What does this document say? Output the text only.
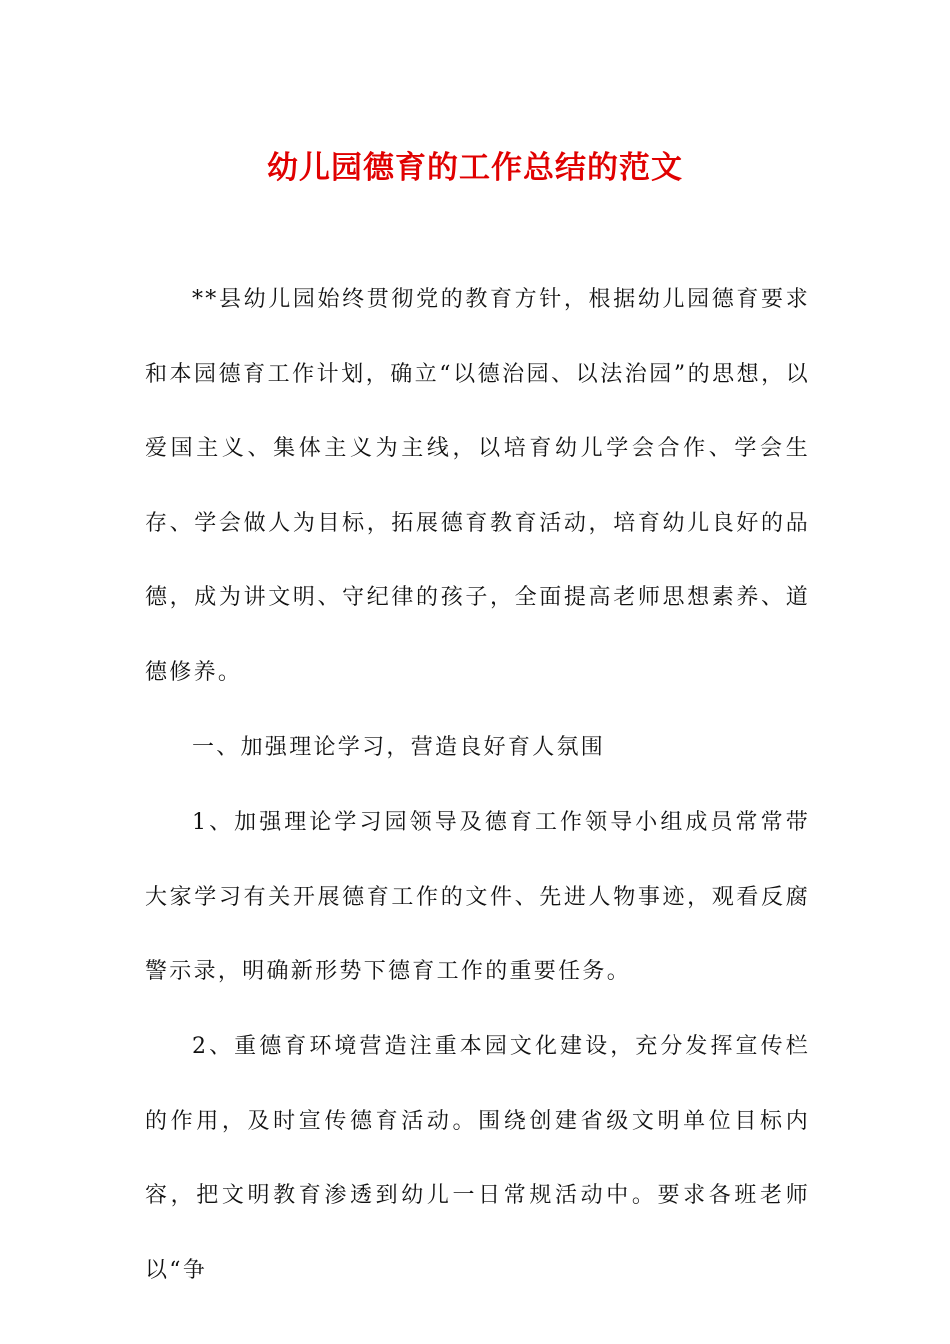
幼儿园德育的工作总结的范文

**县幼儿园始终贯彻党的教育方针，根据幼儿园德育要求和本园德育工作计划，确立“以德治园、以法治园”的思想，以爱国主义、集体主义为主线，以培育幼儿学会合作、学会生存、学会做人为目标，拓展德育教育活动，培育幼儿良好的品德，成为讲文明、守纪律的孩子，全面提高老师思想素养、道德修养。

一、加强理论学习，营造良好育人氛围

1、加强理论学习园领导及德育工作领导小组成员常常带大家学习有关开展德育工作的文件、先进人物事迹，观看反腐警示录，明确新形势下德育工作的重要任务。

2、重德育环境营造注重本园文化建设，充分发挥宣传栏的作用，及时宣传德育活动。围绕创建省级文明单位目标内容，把文明教育渗透到幼儿一日常规活动中。要求各班老师以“争
